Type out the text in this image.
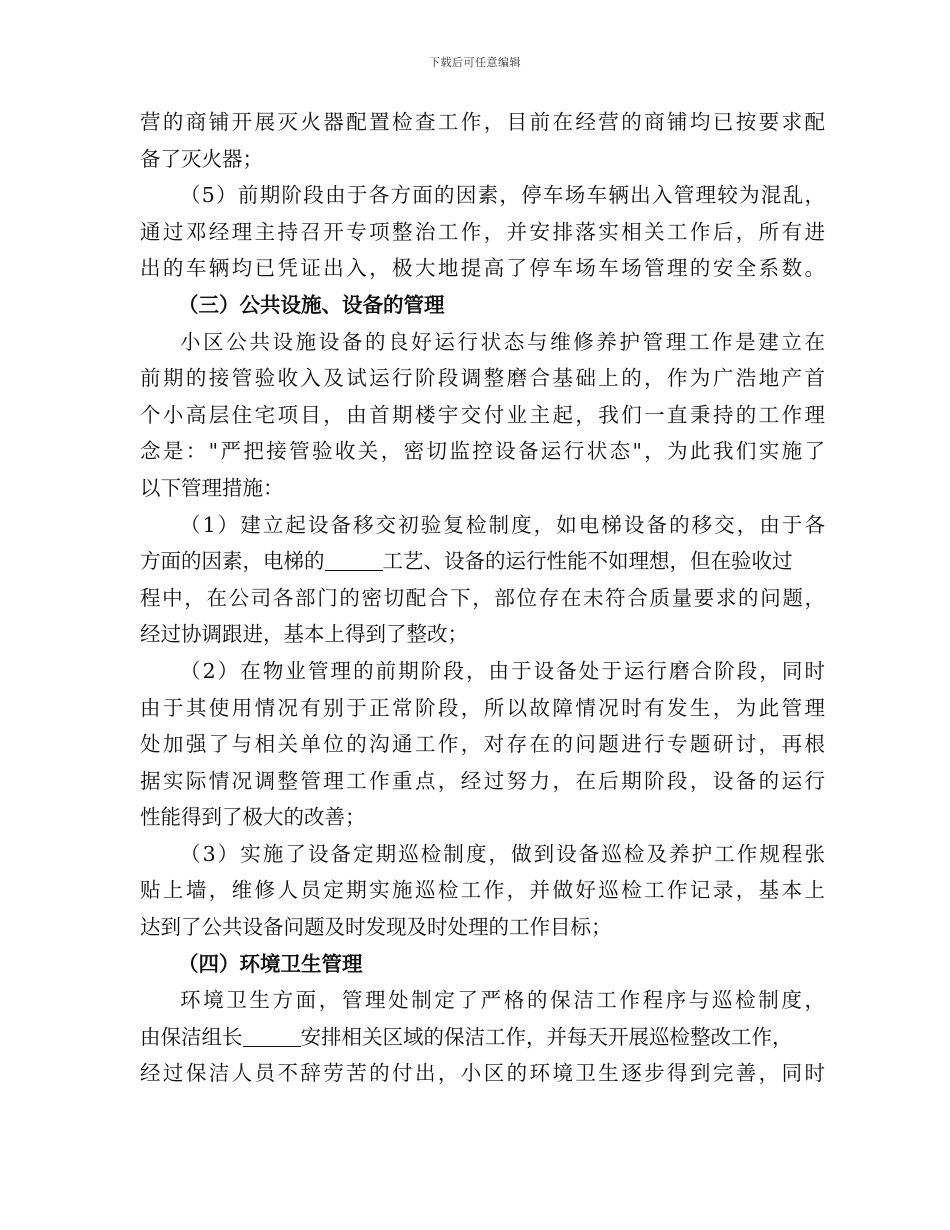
下载后可任意编辑
营的商铺开展灭火器配置检查工作，目前在经营的商铺均已按要求配
备了灭火器；
（5）前期阶段由于各方面的因素，停车场车辆出入管理较为混乱，
通过邓经理主持召开专项整治工作，并安排落实相关工作后，所有进
出的车辆均已凭证出入，极大地提高了停车场车场管理的安全系数。
（三）公共设施、设备的管理
小区公共设施设备的良好运行状态与维修养护管理工作是建立在
前期的接管验收入及试运行阶段调整磨合基础上的，作为广浩地产首
个小高层住宅项目，由首期楼宇交付业主起，我们一直秉持的工作理
念是："严把接管验收关，密切监控设备运行状态"，为此我们实施了
以下管理措施：
（1）建立起设备移交初验复检制度，如电梯设备的移交，由于各
方面的因素，电梯的	工艺、设备的运行性能不如理想，但在验收过
程中，在公司各部门的密切配合下，部位存在未符合质量要求的问题，
经过协调跟进，基本上得到了整改；
（2）在物业管理的前期阶段，由于设备处于运行磨合阶段，同时
由于其使用情况有别于正常阶段，所以故障情况时有发生，为此管理
处加强了与相关单位的沟通工作，对存在的问题进行专题研讨，再根
据实际情况调整管理工作重点，经过努力，在后期阶段，设备的运行
性能得到了极大的改善；
（3）实施了设备定期巡检制度，做到设备巡检及养护工作规程张
贴上墙，维修人员定期实施巡检工作，并做好巡检工作记录，基本上
达到了公共设备问题及时发现及时处理的工作目标；
（四）环境卫生管理
环境卫生方面，管理处制定了严格的保洁工作程序与巡检制度，
由保洁组长	安排相关区域的保洁工作，并每天开展巡检整改工作，
经过保洁人员不辞劳苦的付出，小区的环境卫生逐步得到完善，同时
